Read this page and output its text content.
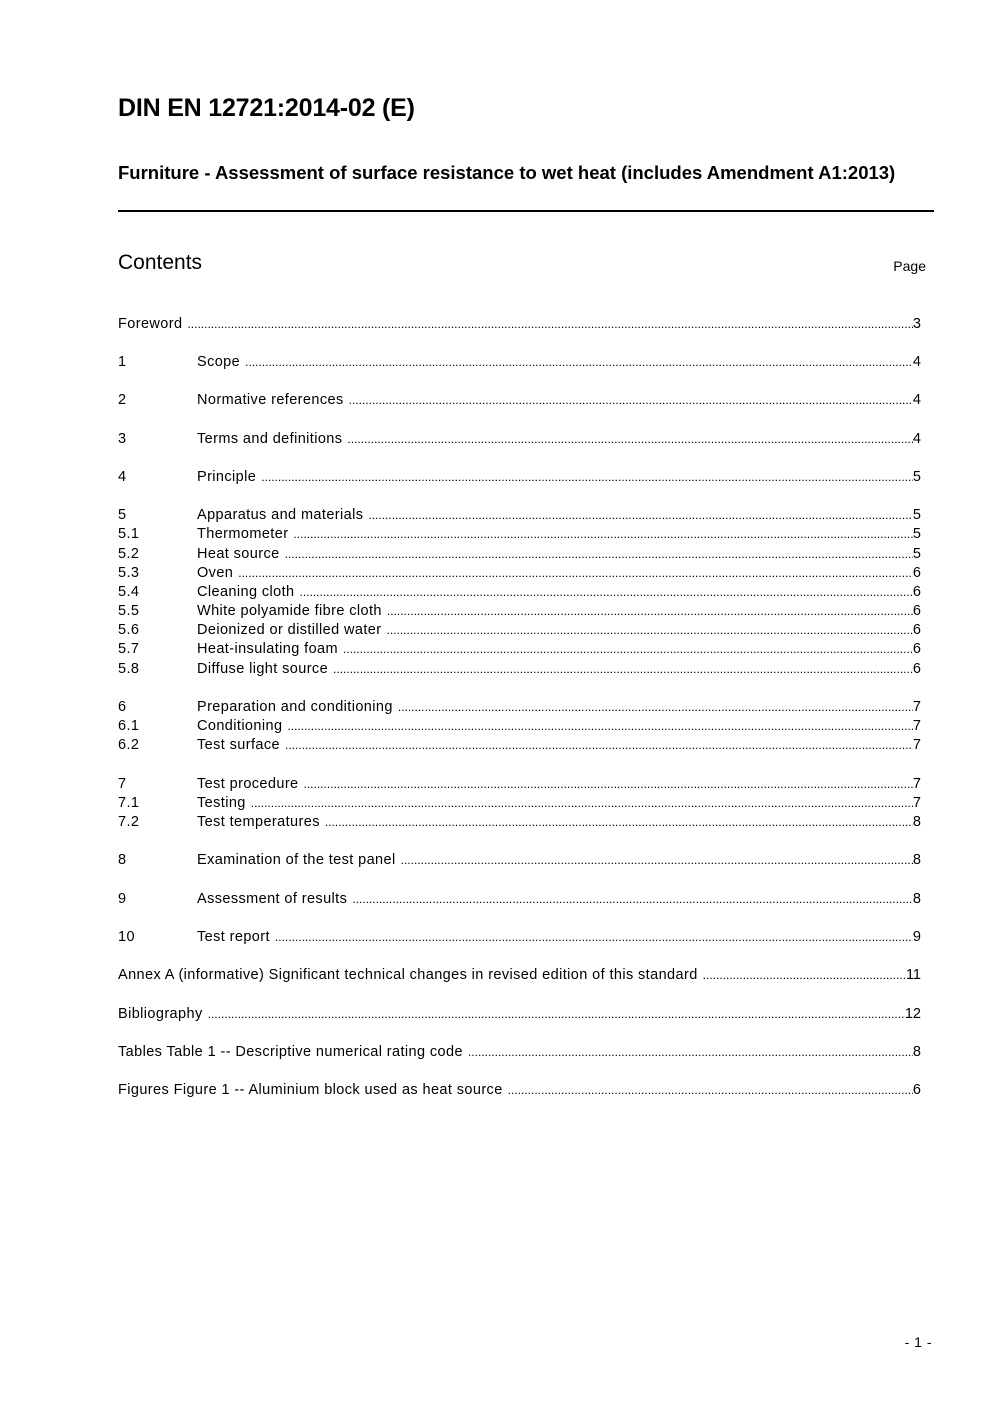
DIN EN 12721:2014-02 (E)
Furniture - Assessment of surface resistance to wet heat (includes Amendment A1:2013)
Contents	Page
Foreword .....	3
1	Scope .....	4
2	Normative references .....	4
3	Terms and definitions .....	4
4	Principle .....	5
5	Apparatus and materials .....	5
5.1	Thermometer .....	5
5.2	Heat source .....	5
5.3	Oven .....	6
5.4	Cleaning cloth .....	6
5.5	White polyamide fibre cloth .....	6
5.6	Deionized or distilled water .....	6
5.7	Heat-insulating foam .....	6
5.8	Diffuse light source .....	6
6	Preparation and conditioning .....	7
6.1	Conditioning .....	7
6.2	Test surface .....	7
7	Test procedure .....	7
7.1	Testing .....	7
7.2	Test temperatures .....	8
8	Examination of the test panel .....	8
9	Assessment of results .....	8
10	Test report .....	9
Annex A (informative) Significant technical changes in revised edition of this standard .....	11
Bibliography .....	12
Tables Table 1 -- Descriptive numerical rating code .....	8
Figures Figure 1 -- Aluminium block used as heat source .....	6
- 1 -
